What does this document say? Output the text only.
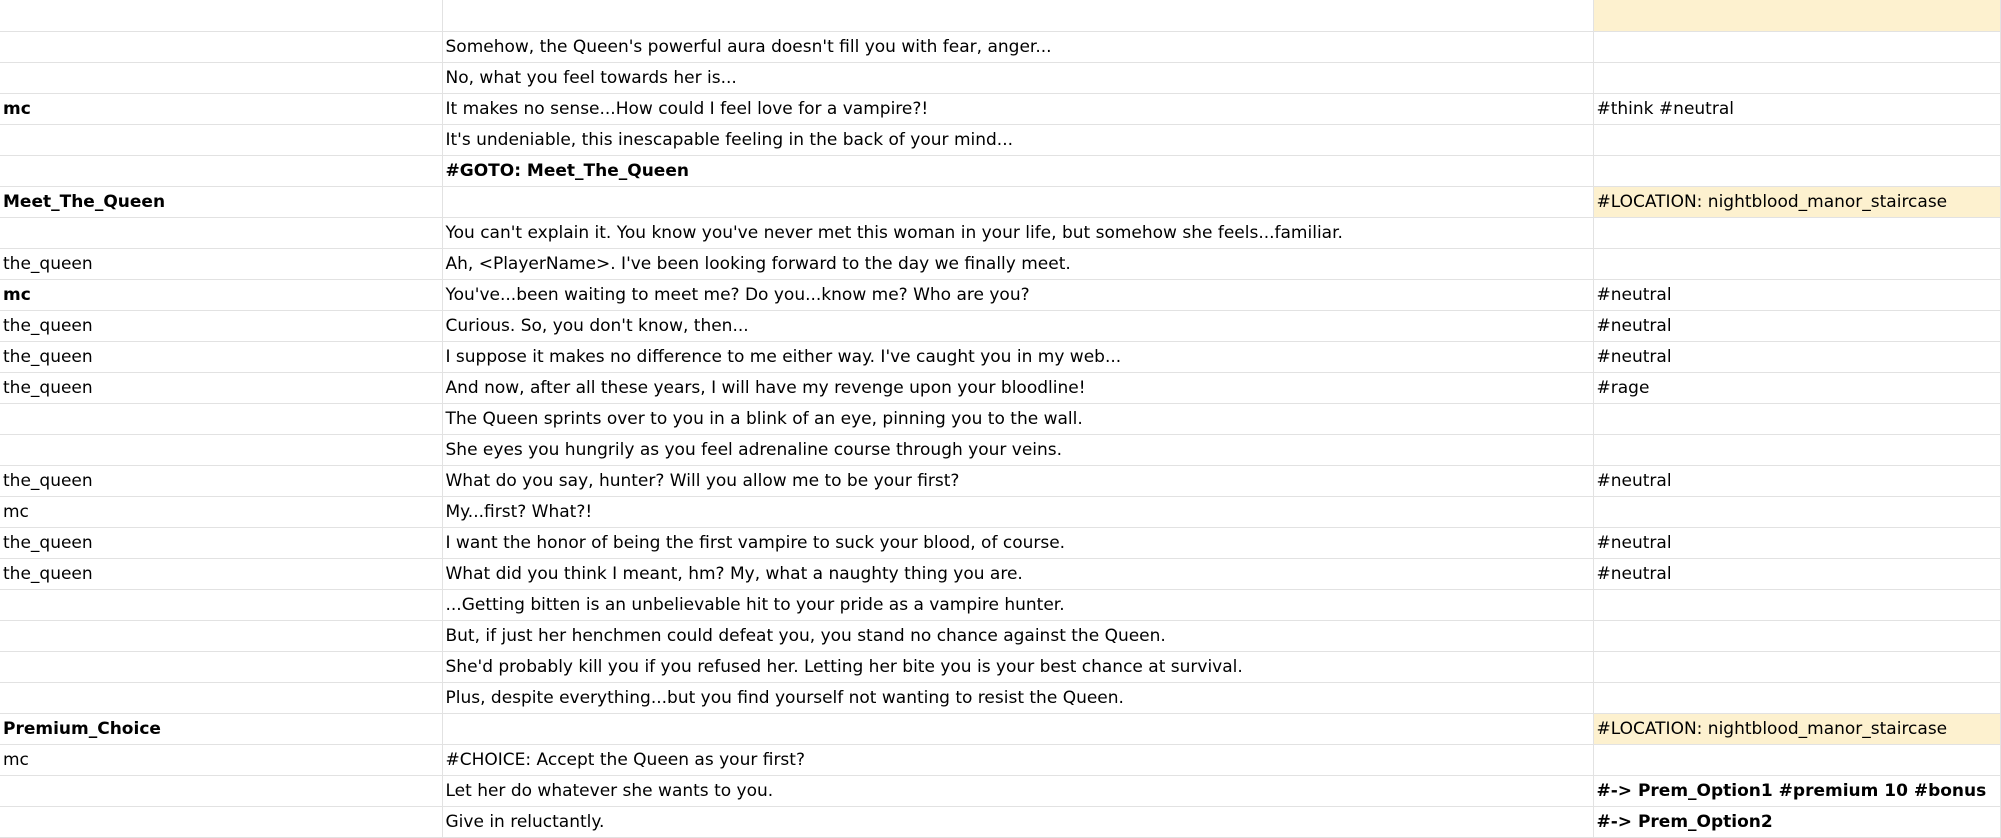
	Somehow, the Queen's powerful aura doesn't fill you with fear, anger...	
	No, what you feel towards her is...	
mc	It makes no sense...How could I feel love for a vampire?!	#think #neutral
	It's undeniable, this inescapable feeling in the back of your mind...	
	#GOTO: Meet_The_Queen	
Meet_The_Queen		#LOCATION: nightblood_manor_staircase
	You can't explain it. You know you've never met this woman in your life, but somehow she feels...familiar.	
the_queen	Ah, <PlayerName>. I've been looking forward to the day we finally meet.	
mc	You've...been waiting to meet me? Do you...know me? Who are you?	#neutral
the_queen	Curious. So, you don't know, then...	#neutral
the_queen	I suppose it makes no difference to me either way. I've caught you in my web...	#neutral
the_queen	And now, after all these years, I will have my revenge upon your bloodline!	#rage
	The Queen sprints over to you in a blink of an eye, pinning you to the wall.	
	She eyes you hungrily as you feel adrenaline course through your veins.	
the_queen	What do you say, hunter? Will you allow me to be your first?	#neutral
mc	My...first? What?!	
the_queen	I want the honor of being the first vampire to suck your blood, of course.	#neutral
the_queen	What did you think I meant, hm? My, what a naughty thing you are.	#neutral
	...Getting bitten is an unbelievable hit to your pride as a vampire hunter.	
	But, if just her henchmen could defeat you, you stand no chance against the Queen.	
	She'd probably kill you if you refused her. Letting her bite you is your best chance at survival.	
	Plus, despite everything...but you find yourself not wanting to resist the Queen.	
Premium_Choice		#LOCATION: nightblood_manor_staircase
mc	#CHOICE: Accept the Queen as your first?	
	Let her do whatever she wants to you.	#-> Prem_Option1 #premium 10 #bonus
	Give in reluctantly.	#-> Prem_Option2
